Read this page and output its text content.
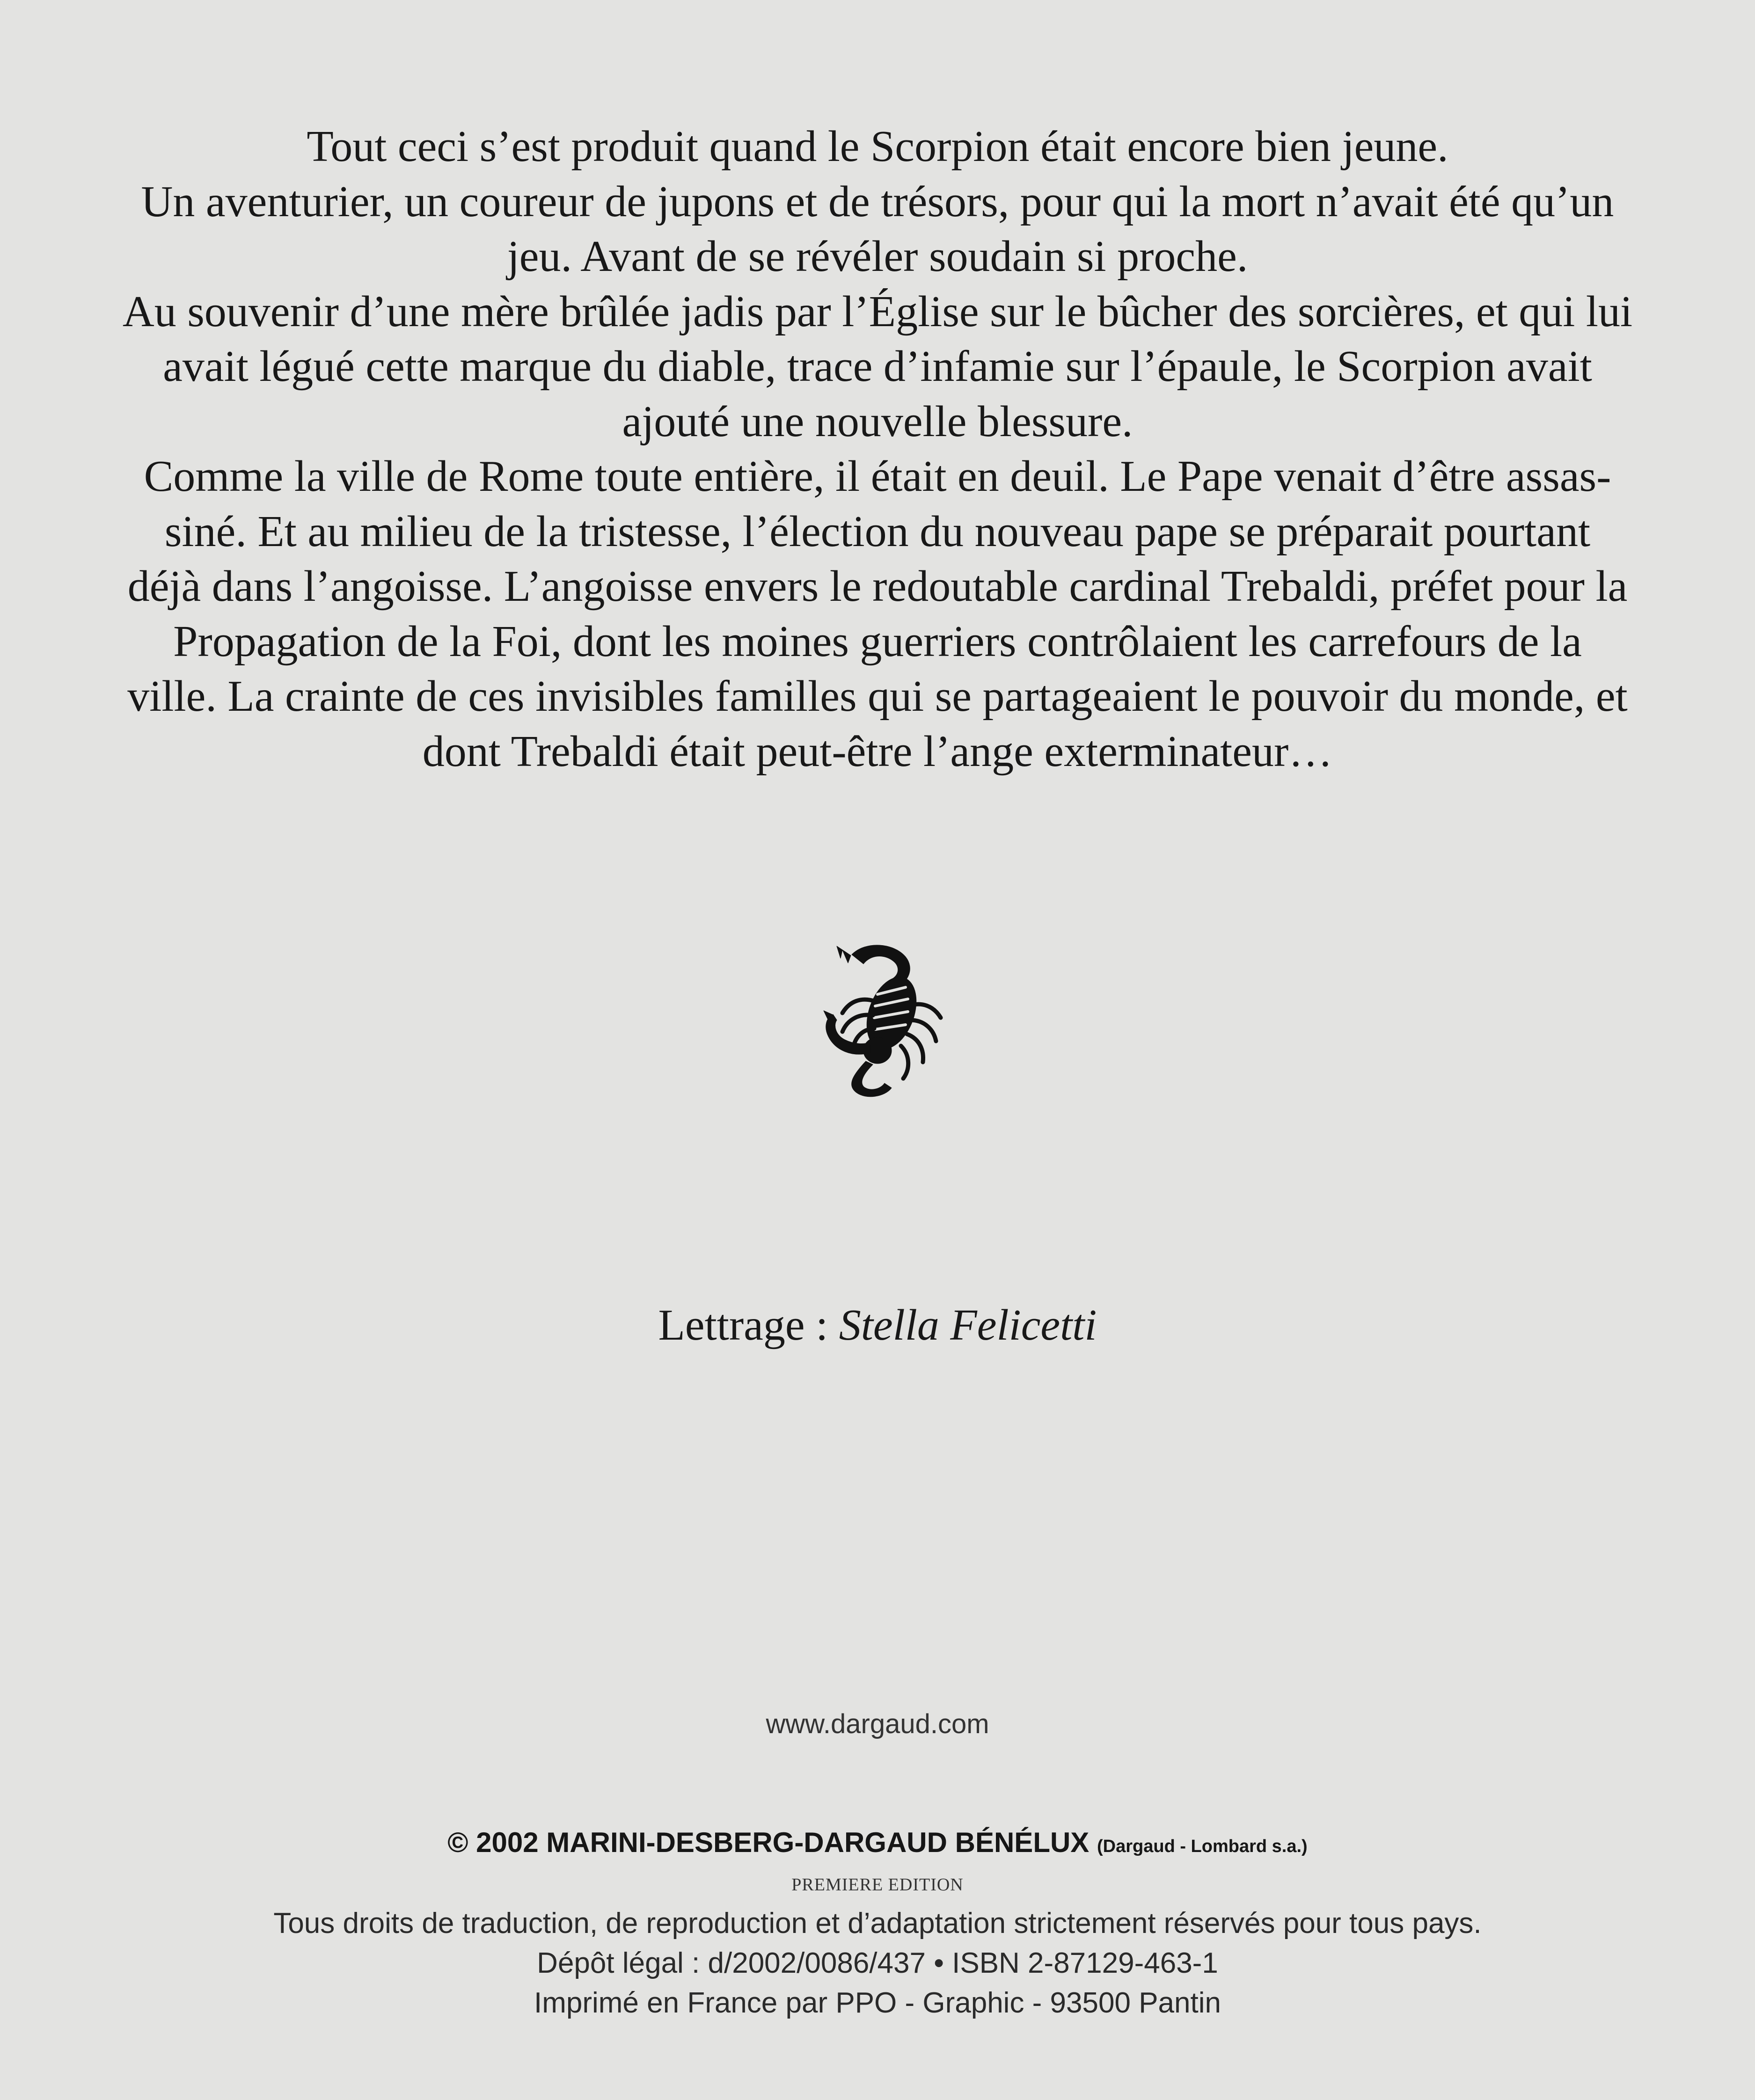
Tout ceci s’est produit quand le Scorpion était encore bien jeune.
Un aventurier, un coureur de jupons et de trésors, pour qui la mort n’avait été qu’un
jeu. Avant de se révéler soudain si proche.
Au souvenir d’une mère brûlée jadis par l’Église sur le bûcher des sorcières, et qui lui
avait légué cette marque du diable, trace d’infamie sur l’épaule, le Scorpion avait
ajouté une nouvelle blessure.
Comme la ville de Rome toute entière, il était en deuil. Le Pape venait d’être assas-
siné. Et au milieu de la tristesse, l’élection du nouveau pape se préparait pourtant
déjà dans l’angoisse. L’angoisse envers le redoutable cardinal Trebaldi, préfet pour la
Propagation de la Foi, dont les moines guerriers contrôlaient les carrefours de la
ville. La crainte de ces invisibles familles qui se partageaient le pouvoir du monde, et
dont Trebaldi était peut-être l’ange exterminateur…
Lettrage : Stella Felicetti
www.dargaud.com
© 2002 MARINI-DESBERG-DARGAUD BÉNÉLUX (Dargaud - Lombard s.a.)
PREMIERE EDITION
Tous droits de traduction, de reproduction et d’adaptation strictement réservés pour tous pays.
Dépôt légal : d/2002/0086/437 • ISBN 2-87129-463-1
Imprimé en France par PPO - Graphic - 93500 Pantin
